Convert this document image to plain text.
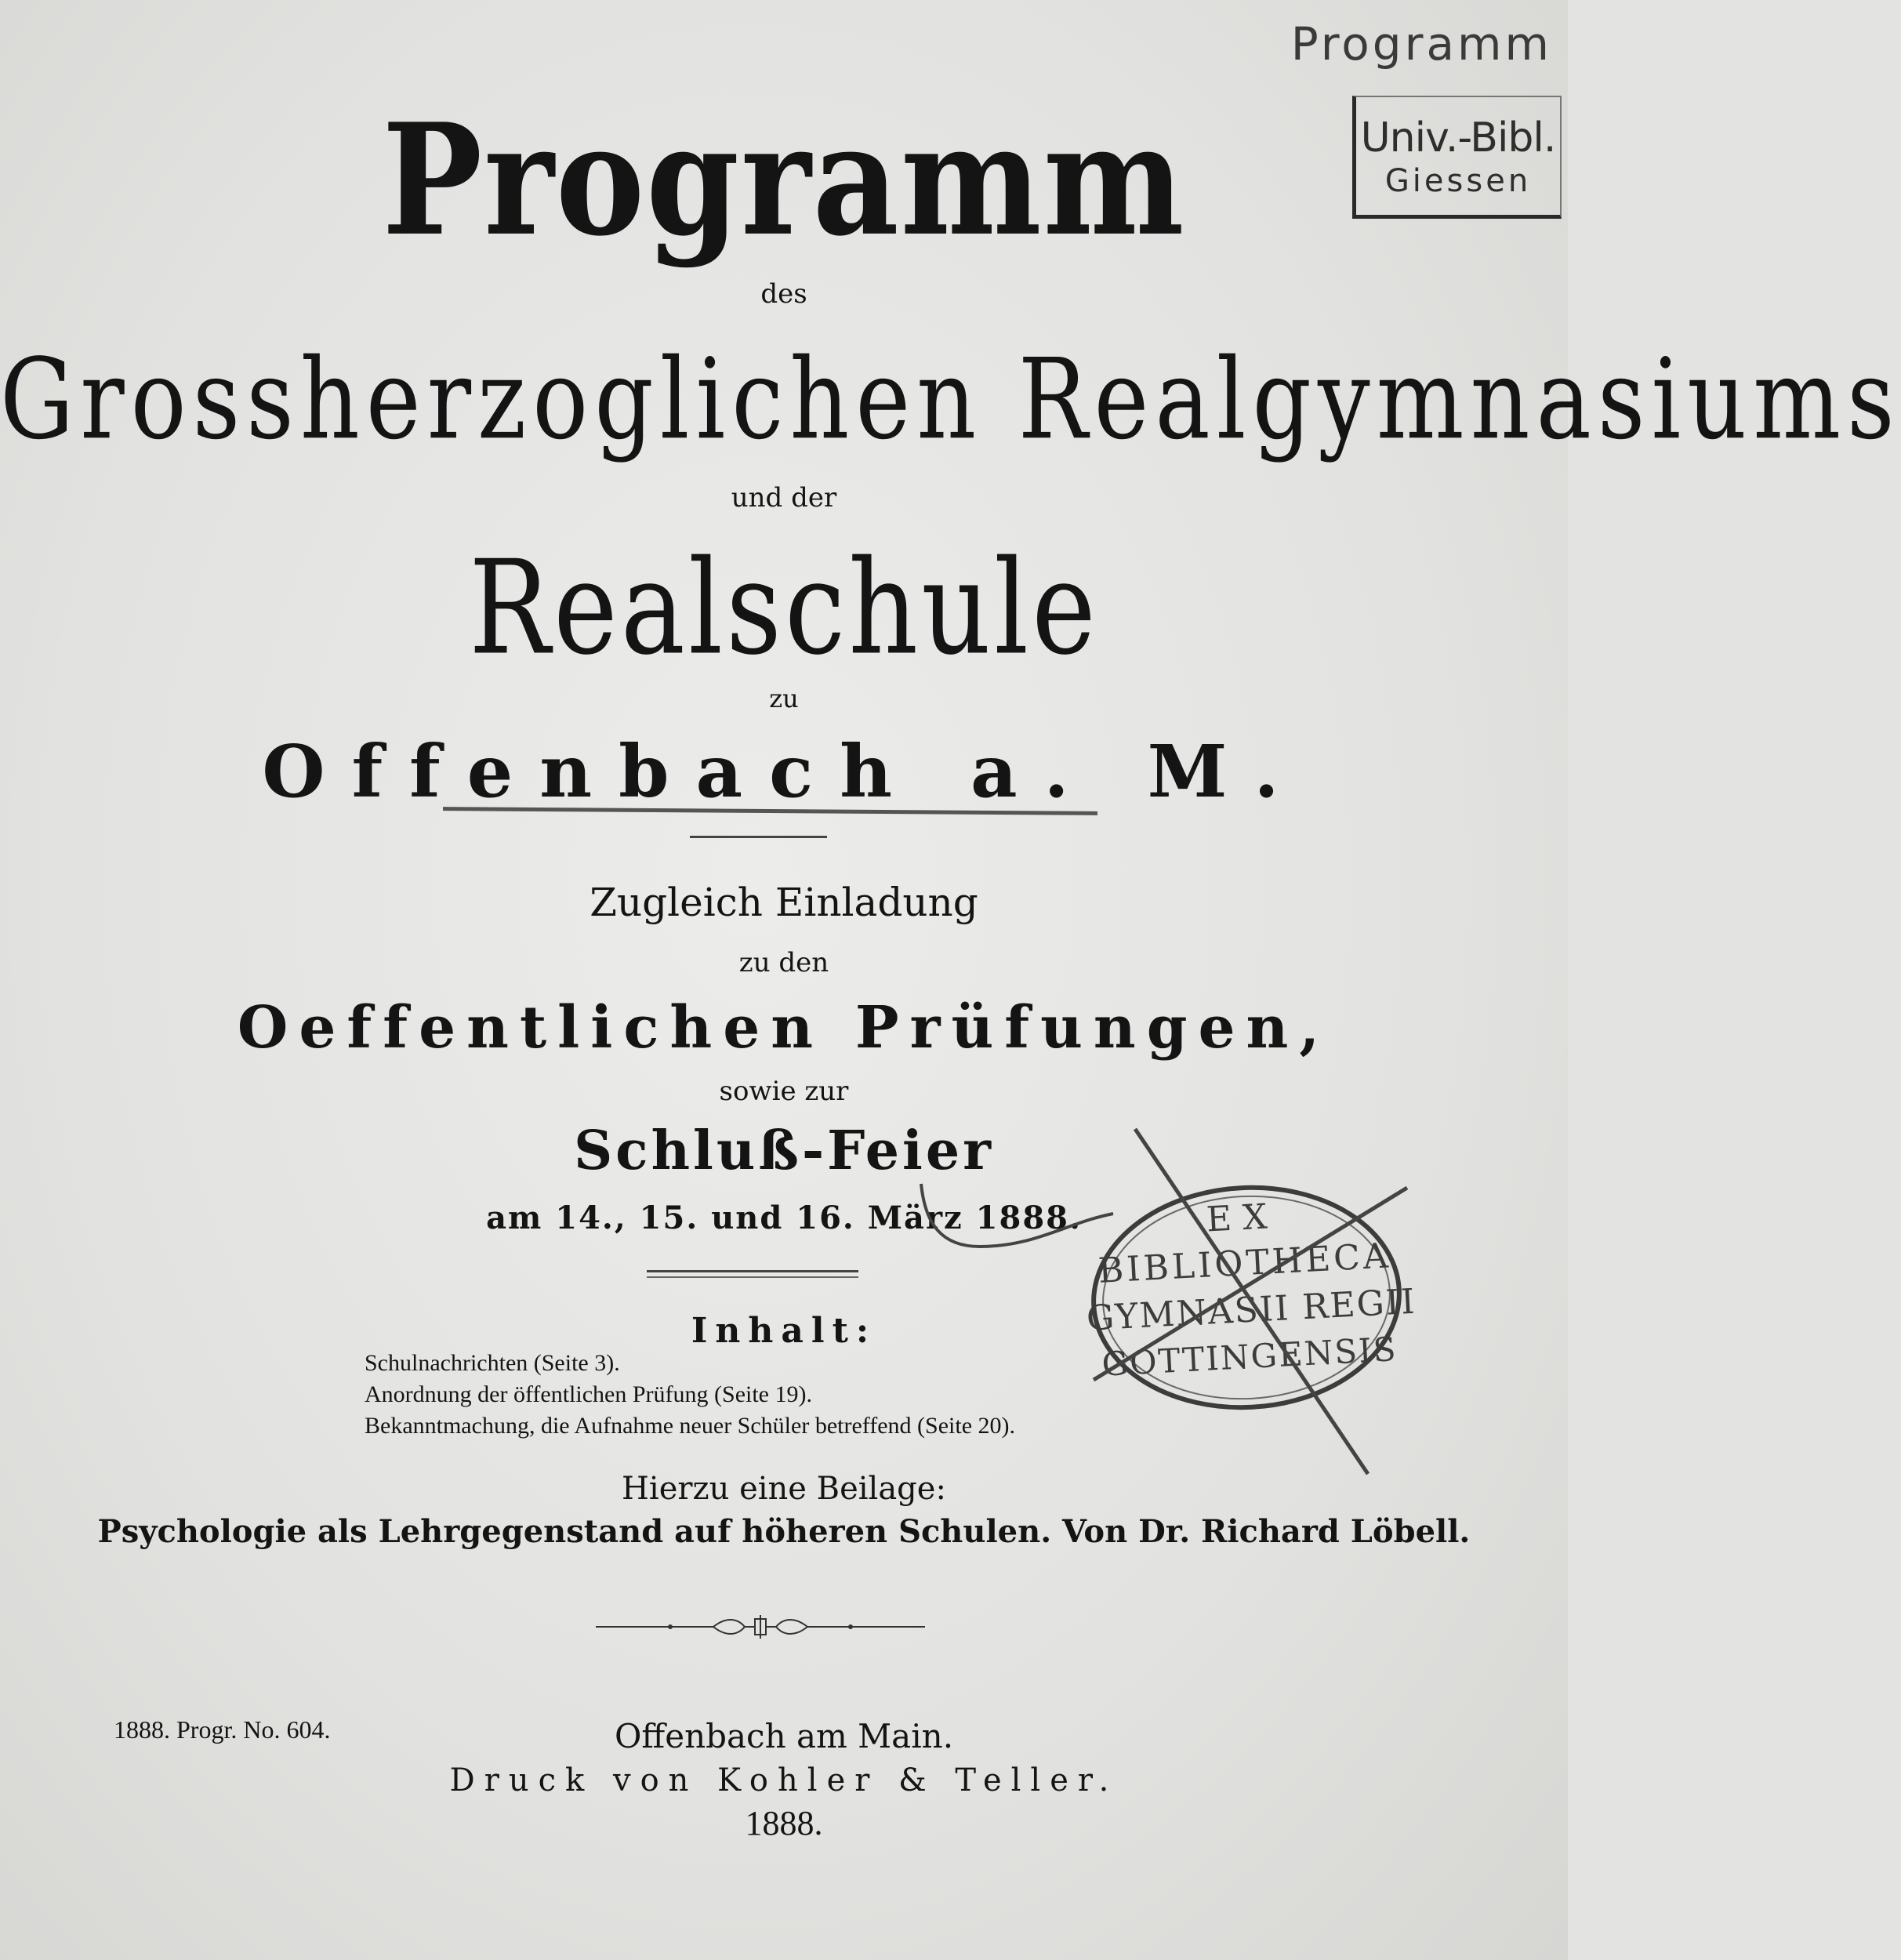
Programm
Univ.-Bibl.
Giessen
Programm
des
Grossherzoglichen Realgymnasiums
und der
Realschule
zu
Offenbach a. M.
Zugleich Einladung
zu den
Oeffentlichen Prüfungen,
sowie zur
Schluß-Feier
am 14., 15. und 16. März 1888.
Inhalt:
Schulnachrichten (Seite 3).
Anordnung der öffentlichen Prüfung (Seite 19).
Bekanntmachung, die Aufnahme neuer Schüler betreffend (Seite 20).
Hierzu eine Beilage:
Psychologie als Lehrgegenstand auf höheren Schulen. Von Dr. Richard Löbell.
1888. Progr. No. 604.	Offenbach am Main.
Druck von Kohler & Teller.
1888.
EX
BIBLIOTHECA
GYMNASII REGII
GOTTINGENSIS
